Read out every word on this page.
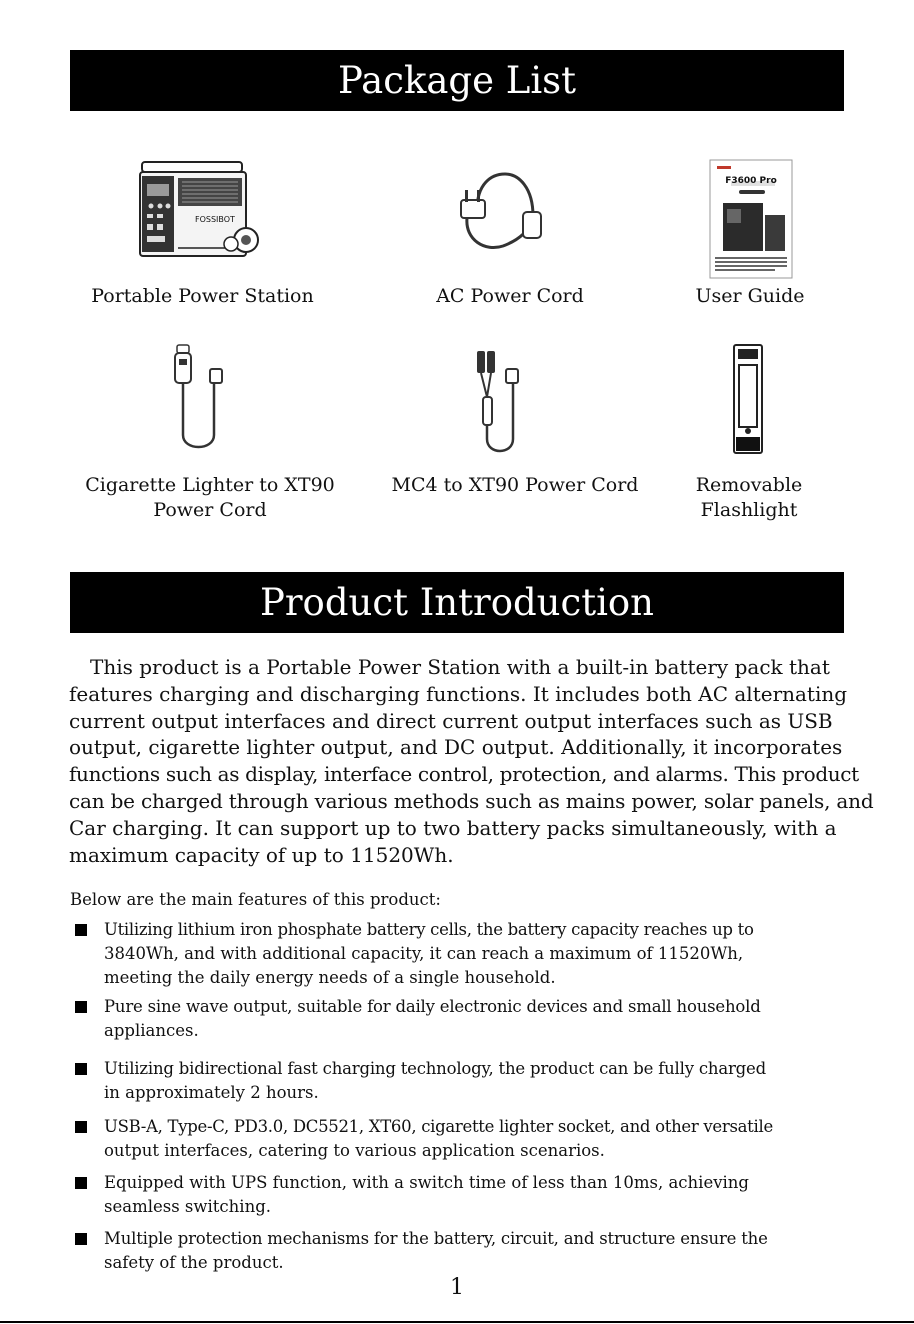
Package List
FOSSIBOT
Portable Power Station	AC Power Cord
F3600 Pro
User Guide
Cigarette Lighter to XT90
Power Cord
MC4 to XT90 Power Cord	Removable
Flashlight
Product Introduction

This product is a Portable Power Station with a built-in battery pack that
features charging and discharging functions. It includes both AC alternating
current output interfaces and direct current output interfaces such as USB
output, cigarette lighter output, and DC output. Additionally, it incorporates
functions such as display, interface control, protection, and alarms. This product
can be charged through various methods such as mains power, solar panels, and
Car charging. It can support up to two battery packs simultaneously, with a
maximum capacity of up to 11520Wh.

Below are the main features of this product:

Utilizing lithium iron phosphate battery cells, the battery capacity reaches up to
3840Wh, and with additional capacity, it can reach a maximum of 11520Wh,
meeting the daily energy needs of a single household.
Pure sine wave output, suitable for daily electronic devices and small household
appliances.
Utilizing bidirectional fast charging technology, the product can be fully charged
in approximately 2 hours.
USB-A, Type-C, PD3.0, DC5521, XT60, cigarette lighter socket, and other versatile
output interfaces, catering to various application scenarios.
Equipped with UPS function, with a switch time of less than 10ms, achieving
seamless switching.
Multiple protection mechanisms for the battery, circuit, and structure ensure the
safety of the product.
1
